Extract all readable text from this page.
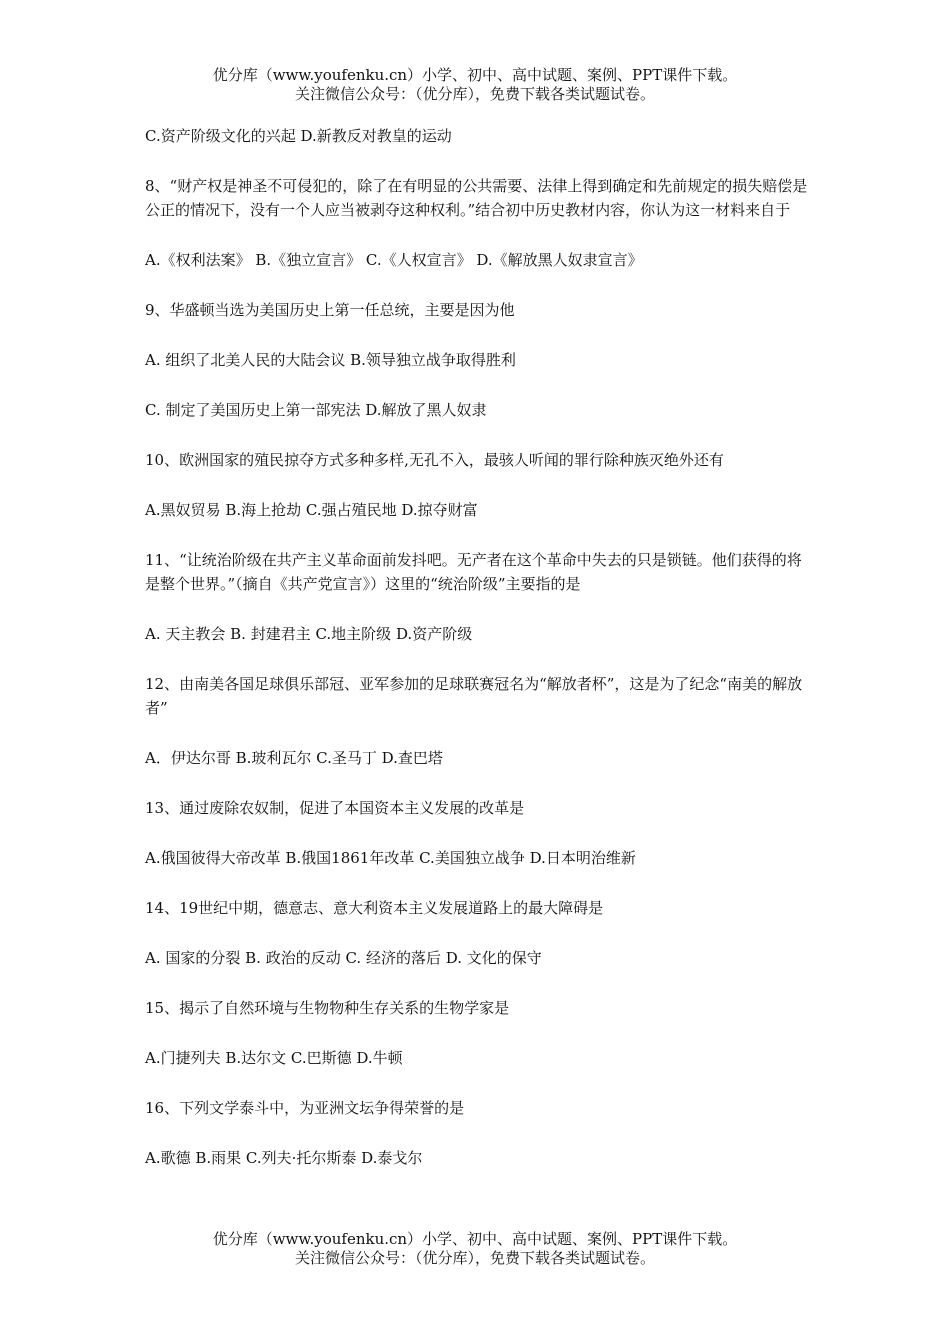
优分库（www.youfenku.cn）小学、初中、高中试题、案例、PPT课件下载。
关注微信公众号：（优分库），免费下载各类试题试卷。

C.资产阶级文化的兴起 D.新教反对教皇的运动

8、“财产权是神圣不可侵犯的，除了在有明显的公共需要、法律上得到确定和先前规定的损失赔偿是公正的情况下，没有一个人应当被剥夺这种权利。”结合初中历史教材内容，你认为这一材料来自于

A.《权利法案》 B.《独立宣言》 C.《人权宣言》 D.《解放黑人奴隶宣言》

9、华盛顿当选为美国历史上第一任总统，主要是因为他

A. 组织了北美人民的大陆会议 B.领导独立战争取得胜利

C. 制定了美国历史上第一部宪法 D.解放了黑人奴隶

10、欧洲国家的殖民掠夺方式多种多样,无孔不入，最骇人听闻的罪行除种族灭绝外还有

A.黑奴贸易 B.海上抢劫 C.强占殖民地 D.掠夺财富

11、“让统治阶级在共产主义革命面前发抖吧。无产者在这个革命中失去的只是锁链。他们获得的将是整个世界。”（摘自《共产党宣言》）这里的“统治阶级”主要指的是

A. 天主教会 B. 封建君主 C.地主阶级 D.资产阶级

12、由南美各国足球俱乐部冠、亚军参加的足球联赛冠名为“解放者杯”，这是为了纪念“南美的解放者”

A．伊达尔哥 B.玻利瓦尔 C.圣马丁 D.查巴塔

13、通过废除农奴制，促进了本国资本主义发展的改革是

A.俄国彼得大帝改革 B.俄国1861年改革 C.美国独立战争 D.日本明治维新

14、19世纪中期，德意志、意大利资本主义发展道路上的最大障碍是

A. 国家的分裂 B. 政治的反动 C. 经济的落后 D. 文化的保守

15、揭示了自然环境与生物物种生存关系的生物学家是

A.门捷列夫 B.达尔文 C.巴斯德 D.牛顿

16、下列文学泰斗中，为亚洲文坛争得荣誉的是

A.歌德 B.雨果 C.列夫·托尔斯泰 D.泰戈尔

优分库（www.youfenku.cn）小学、初中、高中试题、案例、PPT课件下载。
关注微信公众号：（优分库），免费下载各类试题试卷。
